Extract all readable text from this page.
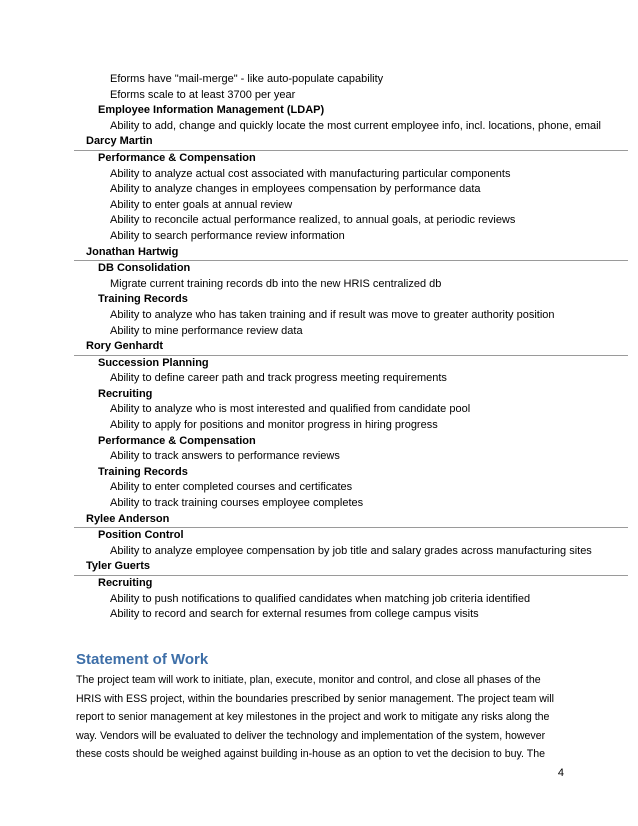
Eforms have "mail-merge" - like auto-populate capability
Eforms scale to at least 3700 per year
Employee Information Management (LDAP)
Ability to add, change and quickly locate the most current employee info, incl. locations, phone, email
Darcy Martin
Performance & Compensation
Ability to analyze actual cost associated with manufacturing particular components
Ability to analyze changes in employees compensation by performance data
Ability to enter goals at annual review
Ability to reconcile actual performance realized, to annual goals, at periodic reviews
Ability to search performance review information
Jonathan Hartwig
DB Consolidation
Migrate current training records db into the new HRIS centralized db
Training Records
Ability to analyze who has taken training and if result was move to greater authority position
Ability to mine performance review data
Rory Genhardt
Succession Planning
Ability to define career path and track progress meeting requirements
Recruiting
Ability to analyze who is most interested and qualified from candidate pool
Ability to apply for positions and monitor progress in hiring progress
Performance & Compensation
Ability to track answers to performance reviews
Training Records
Ability to enter completed courses and certificates
Ability to track training courses employee completes
Rylee Anderson
Position Control
Ability to analyze employee compensation by job title and salary grades across manufacturing sites
Tyler Guerts
Recruiting
Ability to push notifications to qualified candidates when matching job criteria identified
Ability to record and search for external resumes from college campus visits
Statement of Work

The project team will work to initiate, plan, execute, monitor and control, and close all phases of the
HRIS with ESS project, within the boundaries prescribed by senior management. The project team will
report to senior management at key milestones in the project and work to mitigate any risks along the
way. Vendors will be evaluated to deliver the technology and implementation of the system, however
these costs should be weighed against building in-house as an option to vet the decision to buy. The

4
